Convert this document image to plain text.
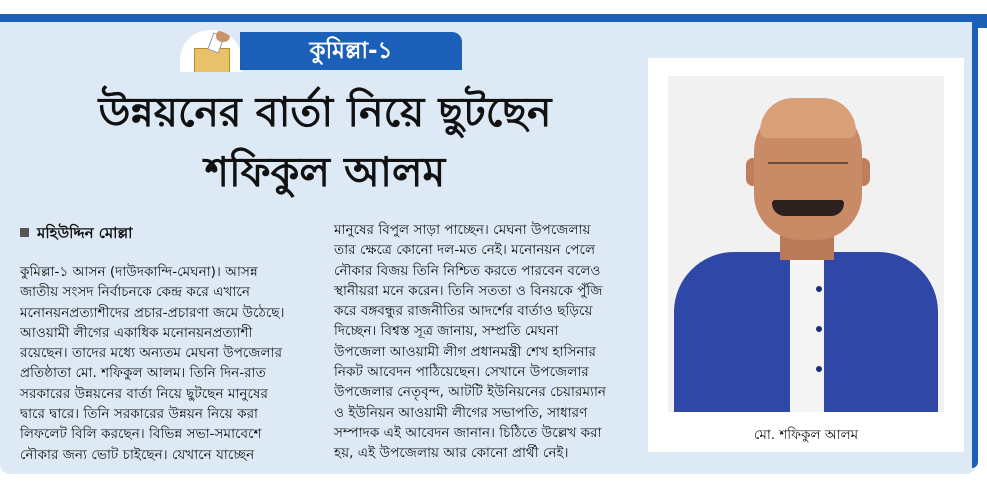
কুমিল্লা-১
উন্নয়নের বার্তা নিয়ে ছুটছেন
শফিকুল আলম
মহিউদ্দিন মোল্লা
কুমিল্লা-১ আসন (দাউদকান্দি-মেঘনা)। আসন্ন
জাতীয় সংসদ নির্বাচনকে কেন্দ্র করে এখানে
মনোনয়নপ্রত্যাশীদের প্রচার-প্রচারণা জমে উঠেছে।
আওয়ামী লীগের একাধিক মনোনয়নপ্রত্যাশী
রয়েছেন। তাদের মধ্যে অন্যতম মেঘনা উপজেলার
প্রতিষ্ঠাতা মো. শফিকুল আলম। তিনি দিন-রাত
সরকারের উন্নয়নের বার্তা নিয়ে ছুটছেন মানুষের
দ্বারে দ্বারে। তিনি সরকারের উন্নয়ন নিয়ে করা
লিফলেট বিলি করছেন। বিভিন্ন সভা-সমাবেশে
নৌকার জন্য ভোট চাইছেন। যেখানে যাচ্ছেন
মানুষের বিপুল সাড়া পাচ্ছেন। মেঘনা উপজেলায়
তার ক্ষেত্রে কোনো দল-মত নেই। মনোনয়ন পেলে
নৌকার বিজয় তিনি নিশ্চিত করতে পারবেন বলেও
স্থানীয়রা মনে করেন। তিনি সততা ও বিনয়কে পুঁজি
করে বঙ্গবন্ধুর রাজনীতির আদর্শের বার্তাও ছড়িয়ে
দিচ্ছেন। বিশ্বস্ত সূত্র জানায়, সম্প্রতি মেঘনা
উপজেলা আওয়ামী লীগ প্রধানমন্ত্রী শেখ হাসিনার
নিকট আবেদন পাঠিয়েছেন। সেখানে উপজেলার
উপজেলার নেতৃবৃন্দ, আটটি ইউনিয়নের চেয়ারম্যান
ও ইউনিয়ন আওয়ামী লীগের সভাপতি, সাধারণ
সম্পাদক এই আবেদন জানান। চিঠিতে উল্লেখ করা
হয়, এই উপজেলায় আর কোনো প্রার্থী নেই।
মো. শফিকুল আলম
